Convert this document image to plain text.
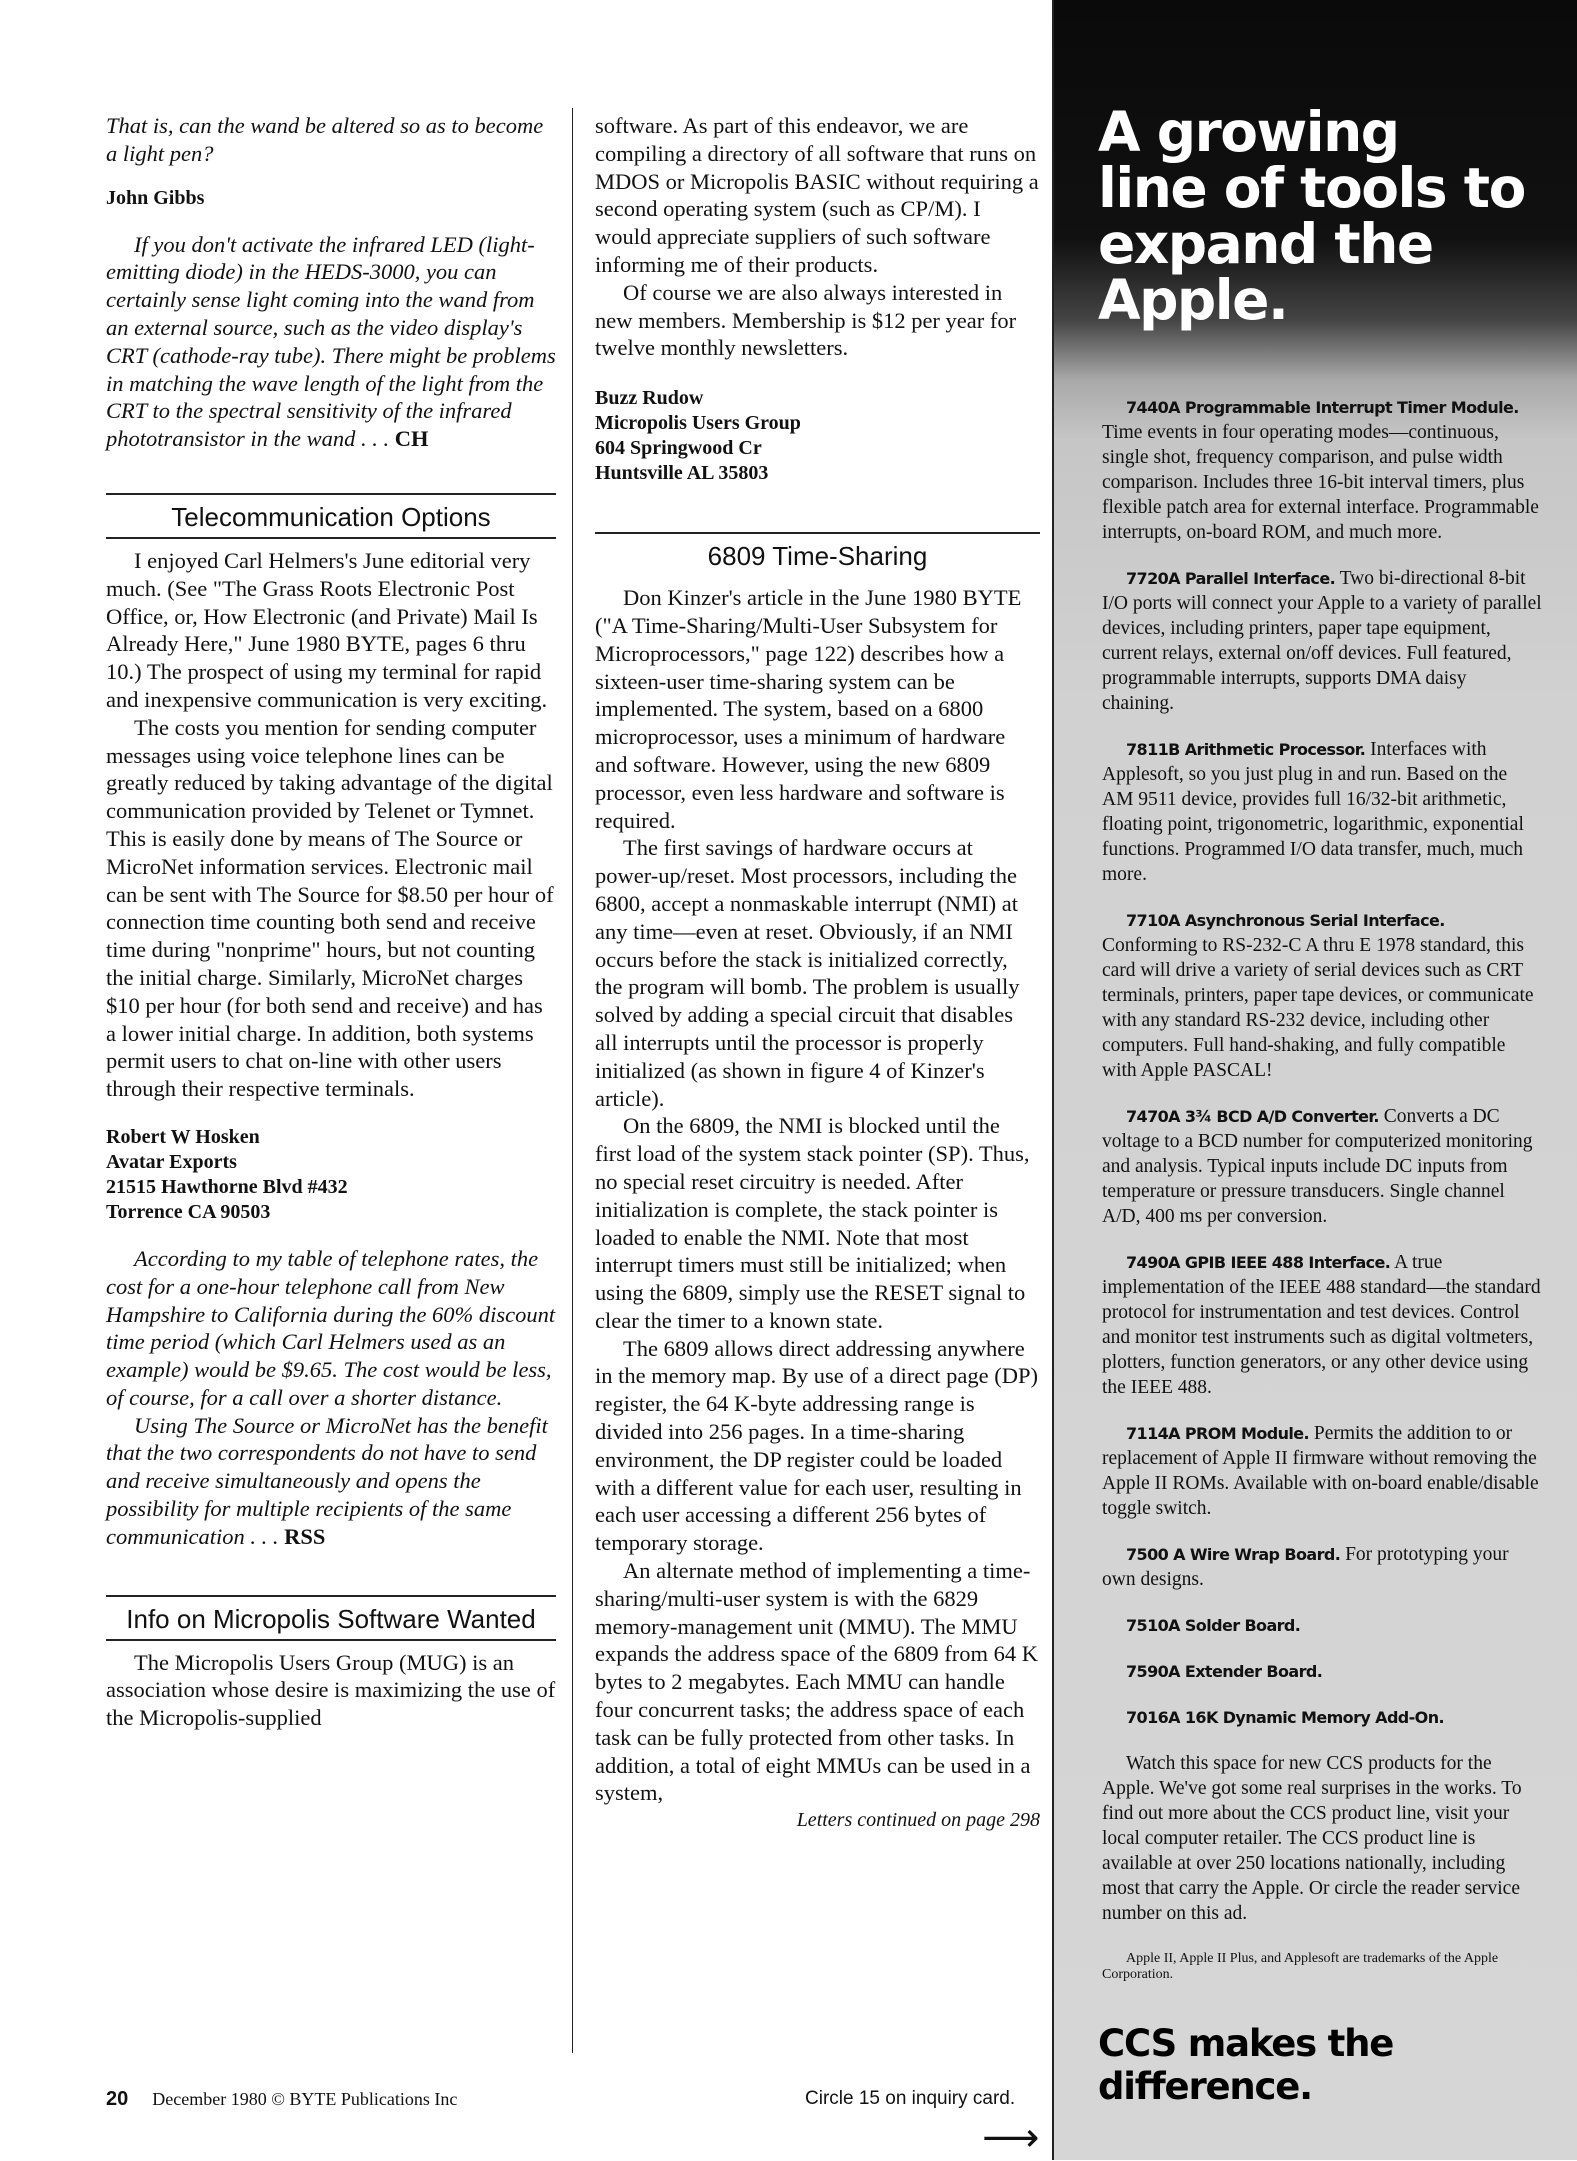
That is, can the wand be altered so as to become a light pen?

John Gibbs

If you don't activate the infrared LED (light-emitting diode) in the HEDS-3000, you can certainly sense light coming into the wand from an external source, such as the video display's CRT (cathode-ray tube). There might be problems in matching the wave length of the light from the CRT to the spectral sensitivity of the infrared phototransistor in the wand . . . CH

Telecommunication Options

I enjoyed Carl Helmers's June editorial very much. (See "The Grass Roots Electronic Post Office, or, How Electronic (and Private) Mail Is Already Here," June 1980 BYTE, pages 6 thru 10.) The prospect of using my terminal for rapid and inexpensive communication is very exciting.

The costs you mention for sending computer messages using voice telephone lines can be greatly reduced by taking advantage of the digital communication provided by Telenet or Tymnet. This is easily done by means of The Source or MicroNet information services. Electronic mail can be sent with The Source for $8.50 per hour of connection time counting both send and receive time during "nonprime" hours, but not counting the initial charge. Similarly, MicroNet charges $10 per hour (for both send and receive) and has a lower initial charge. In addition, both systems permit users to chat on-line with other users through their respective terminals.

Robert W Hosken

Avatar Exports

21515 Hawthorne Blvd #432

Torrence CA 90503

According to my table of telephone rates, the cost for a one-hour telephone call from New Hampshire to California during the 60% discount time period (which Carl Helmers used as an example) would be $9.65. The cost would be less, of course, for a call over a shorter distance.

Using The Source or MicroNet has the benefit that the two correspondents do not have to send and receive simultaneously and opens the possibility for multiple recipients of the same communication . . . RSS

Info on Micropolis Software Wanted

The Micropolis Users Group (MUG) is an association whose desire is maximizing the use of the Micropolis-supplied

software. As part of this endeavor, we are compiling a directory of all software that runs on MDOS or Micropolis BASIC without requiring a second operating system (such as CP/M). I would appreciate suppliers of such software informing me of their products.

Of course we are also always interested in new members. Membership is $12 per year for twelve monthly newsletters.

Buzz Rudow

Micropolis Users Group

604 Springwood Cr

Huntsville AL 35803

6809 Time-Sharing

Don Kinzer's article in the June 1980 BYTE ("A Time-Sharing/Multi-User Subsystem for Microprocessors," page 122) describes how a sixteen-user time-sharing system can be implemented. The system, based on a 6800 microprocessor, uses a minimum of hardware and software. However, using the new 6809 processor, even less hardware and software is required.

The first savings of hardware occurs at power-up/reset. Most processors, including the 6800, accept a nonmaskable interrupt (NMI) at any time—even at reset. Obviously, if an NMI occurs before the stack is initialized correctly, the program will bomb. The problem is usually solved by adding a special circuit that disables all interrupts until the processor is properly initialized (as shown in figure 4 of Kinzer's article).

On the 6809, the NMI is blocked until the first load of the system stack pointer (SP). Thus, no special reset circuitry is needed. After initialization is complete, the stack pointer is loaded to enable the NMI. Note that most interrupt timers must still be initialized; when using the 6809, simply use the RESET signal to clear the timer to a known state.

The 6809 allows direct addressing anywhere in the memory map. By use of a direct page (DP) register, the 64 K-byte addressing range is divided into 256 pages. In a time-sharing environment, the DP register could be loaded with a different value for each user, resulting in each user accessing a different 256 bytes of temporary storage.

An alternate method of implementing a time-sharing/multi-user system is with the 6829 memory-management unit (MMU). The MMU expands the address space of the 6809 from 64 K bytes to 2 megabytes. Each MMU can handle four concurrent tasks; the address space of each task can be fully protected from other tasks. In addition, a total of eight MMUs can be used in a system,

Letters continued on page 298

20 December 1980 © BYTE Publications Inc	Circle 15 on inquiry card.
⟶
A growing
line of tools to
expand the Apple.

7440A Programmable Interrupt Timer Module. Time events in four operating modes—continuous, single shot, frequency comparison, and pulse width comparison. Includes three 16-bit interval timers, plus flexible patch area for external interface. Programmable interrupts, on-board ROM, and much more.

7720A Parallel Interface. Two bi-directional 8-bit I/O ports will connect your Apple to a variety of parallel devices, including printers, paper tape equipment, current relays, external on/off devices. Full featured, programmable interrupts, supports DMA daisy chaining.

7811B Arithmetic Processor. Interfaces with Applesoft, so you just plug in and run. Based on the AM 9511 device, provides full 16/32-bit arithmetic, floating point, trigonometric, logarithmic, exponential functions. Programmed I/O data transfer, much, much more.

7710A Asynchronous Serial Interface. Conforming to RS-232-C A thru E 1978 standard, this card will drive a variety of serial devices such as CRT terminals, printers, paper tape devices, or communicate with any standard RS-232 device, including other computers. Full hand-shaking, and fully compatible with Apple PASCAL!

7470A 3¾ BCD A/D Converter. Converts a DC voltage to a BCD number for computerized monitoring and analysis. Typical inputs include DC inputs from temperature or pressure transducers. Single channel A/D, 400 ms per conversion.

7490A GPIB IEEE 488 Interface. A true implementation of the IEEE 488 standard—the standard protocol for instrumentation and test devices. Control and monitor test instruments such as digital voltmeters, plotters, function generators, or any other device using the IEEE 488.

7114A PROM Module. Permits the addition to or replacement of Apple II firmware without removing the Apple II ROMs. Available with on-board enable/disable toggle switch.

7500 A Wire Wrap Board. For prototyping your own designs.

7510A Solder Board.

7590A Extender Board.

7016A 16K Dynamic Memory Add-On.

Watch this space for new CCS products for the Apple. We've got some real surprises in the works. To find out more about the CCS product line, visit your local computer retailer. The CCS product line is available at over 250 locations nationally, including most that carry the Apple. Or circle the reader service number on this ad.

Apple II, Apple II Plus, and Applesoft are trademarks of the Apple Corporation.

CCS makes the difference.
